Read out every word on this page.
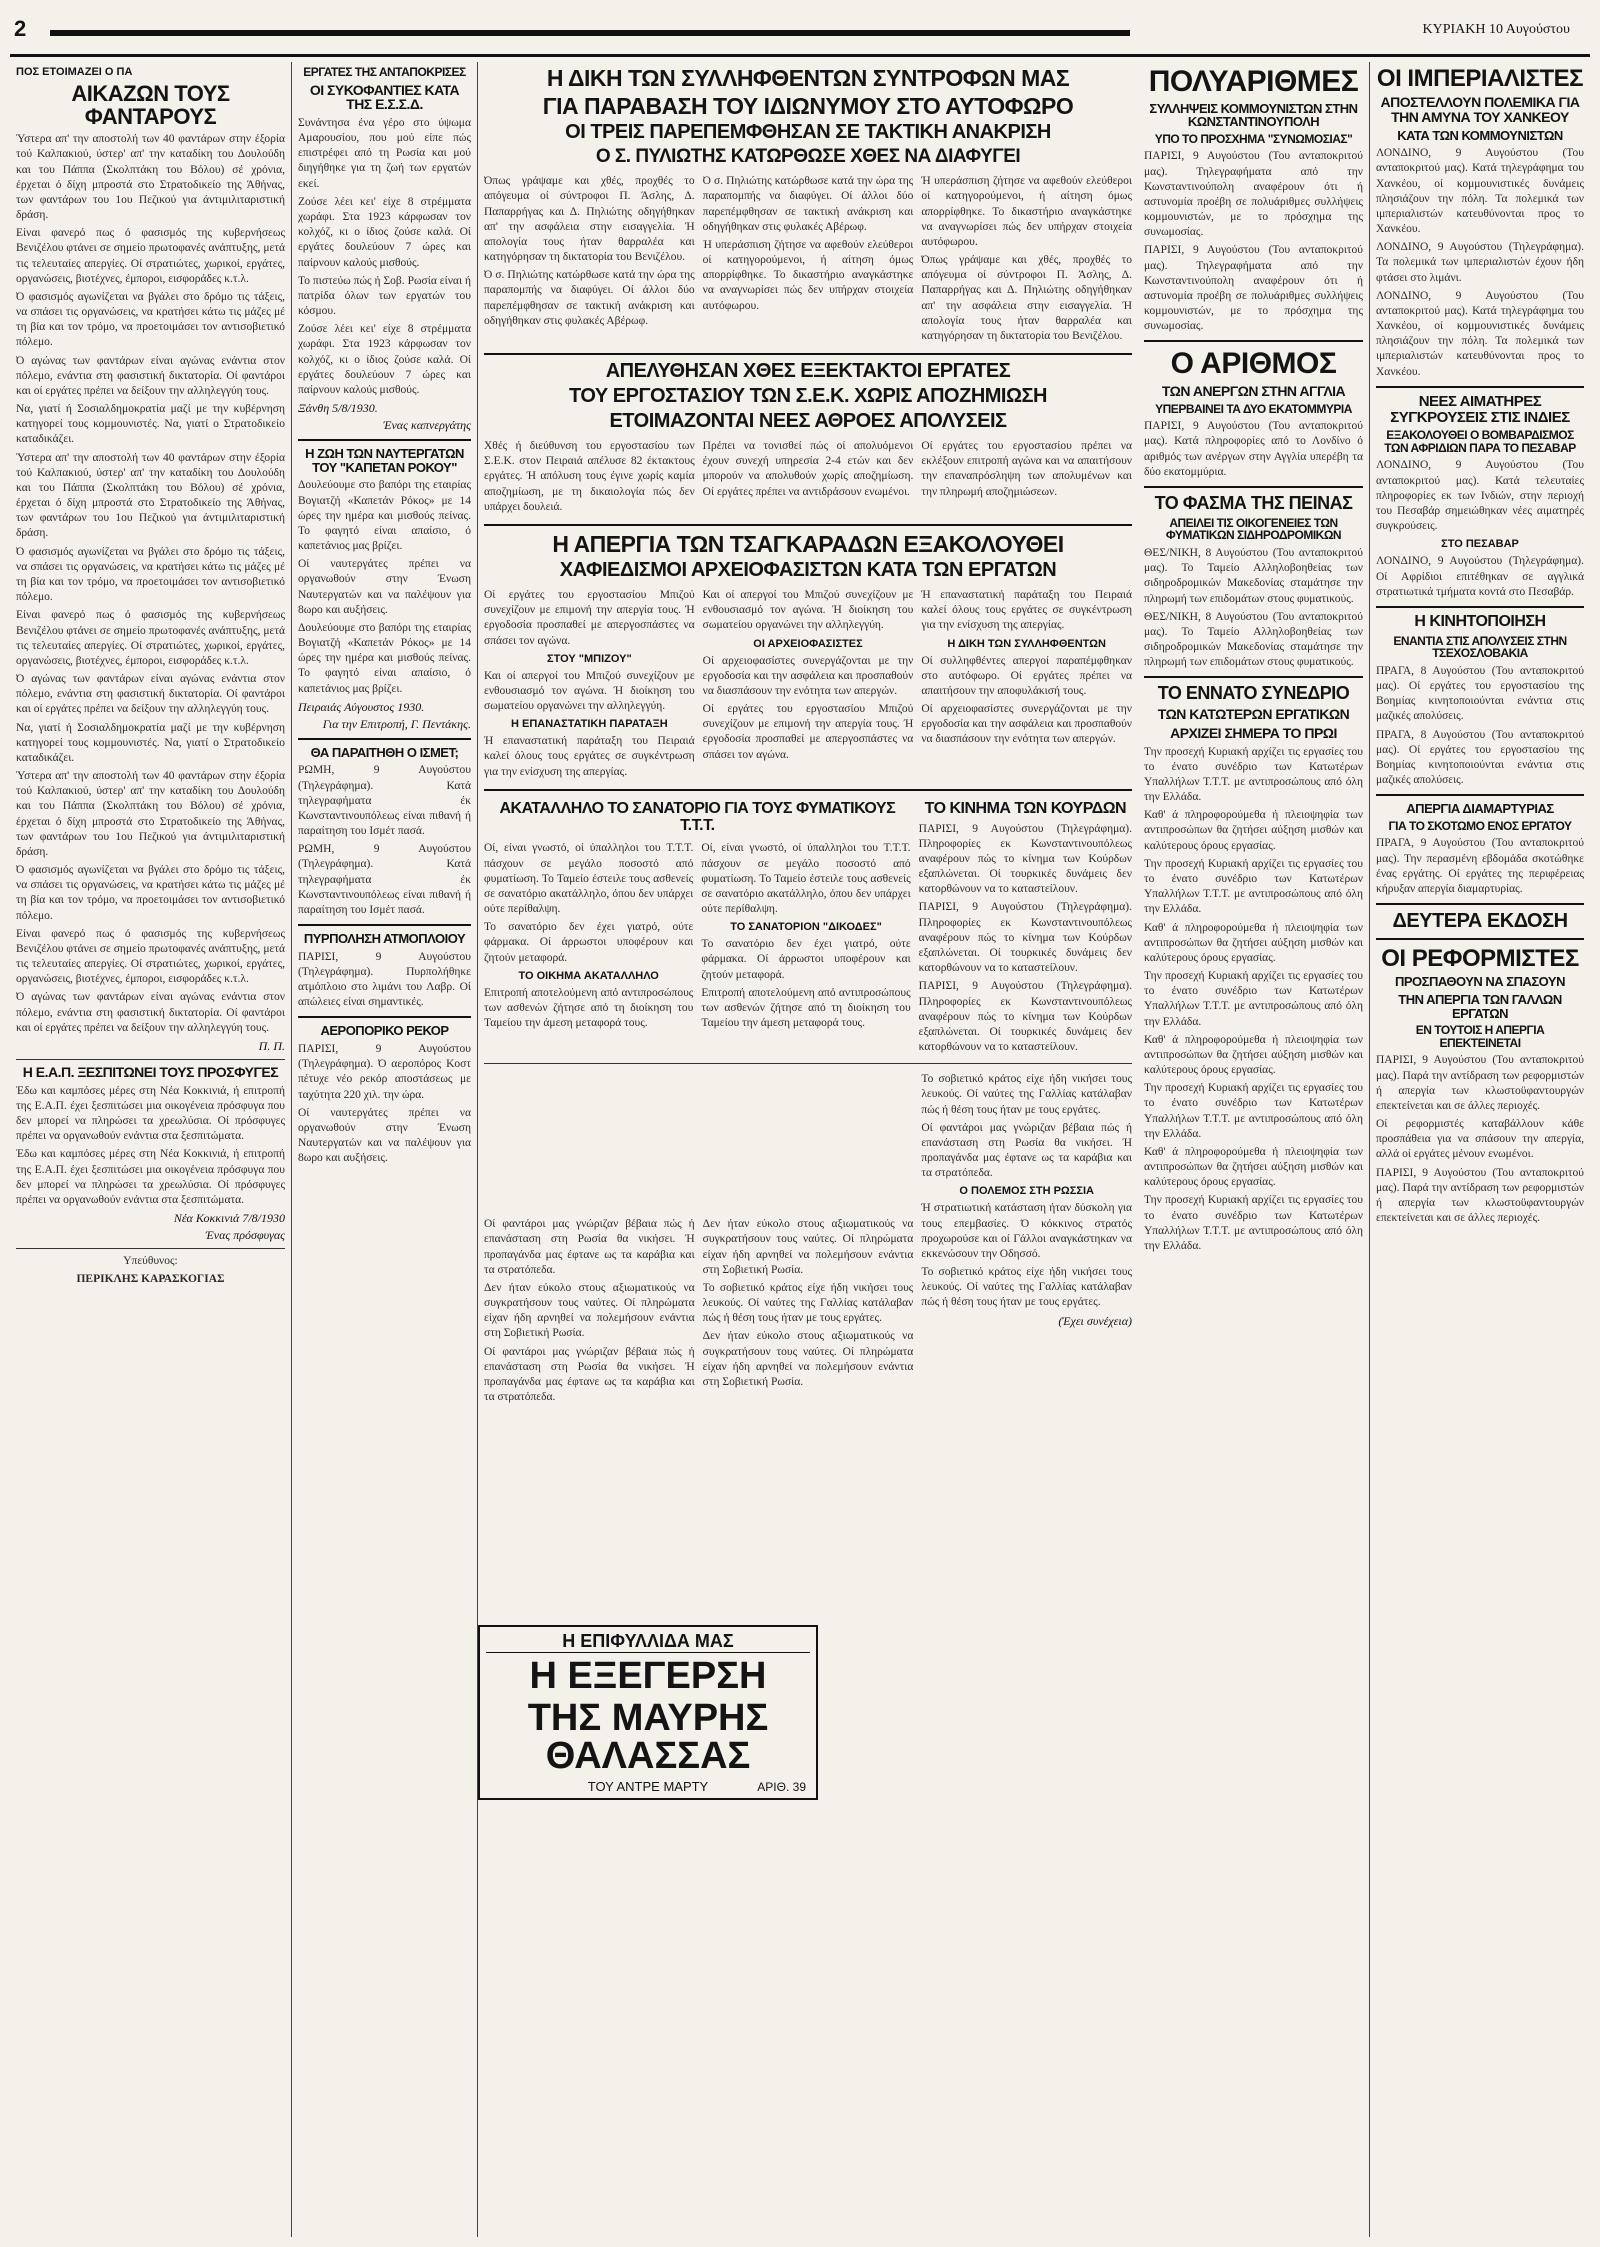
2	ΚΥΡΙΑΚΗ 10 Αυγούστου
ΠΟΣ ΕΤΟΙΜΑΖΕΙ Ο ΠΑ
ΑΙΚΑΖΩΝ ΤΟΥΣ ΦΑΝΤΑΡΟΥΣ

Ύστερα απ' την αποστολή των 40 φαντάρων στην έξορία τού Καλπακιού, ύστερ' απ' την καταδίκη του Δουλούδη και του Πάππα (Σκολπτάκη του Βόλου) σέ χρόνια, έρχεται ό δίχη μπροστά στο Στρατοδικείο της Άθήνας, των φαντάρων του 1ου Πεζικού για άντιμιλιταριστική δράση.

Είναι φανερό πως ό φασισμός της κυβερνήσεως Βενιζέλου φτάνει σε σημείο πρωτοφανές ανάπτυξης, μετά τις τελευταίες απεργίες. Οί στρατιώτες, χωρικοί, εργάτες, οργανώσεις, βιοτέχνες, έμποροι, εισφοράδες κ.τ.λ.

Ό φασισμός αγωνίζεται να βγάλει στο δρόμο τις τάξεις, να σπάσει τις οργανώσεις, να κρατήσει κάτω τις μάζες μέ τη βία και τον τρόμο, να προετοιμάσει τον αντισοβιετικό πόλεμο.

Ό αγώνας των φαντάρων είναι αγώνας ενάντια στον πόλεμο, ενάντια στη φασιστική δικτατορία. Οί φαντάροι και οί εργάτες πρέπει να δείξουν την αλληλεγγύη τους.

Να, γιατί ή Σοσιαλδημοκρατία μαζί με την κυβέρνηση κατηγορεί τους κομμουνιστές. Να, γιατί ο Στρατοδικείο καταδικάζει.

Ύστερα απ' την αποστολή των 40 φαντάρων στην έξορία τού Καλπακιού, ύστερ' απ' την καταδίκη του Δουλούδη και του Πάππα (Σκολπτάκη του Βόλου) σέ χρόνια, έρχεται ό δίχη μπροστά στο Στρατοδικείο της Άθήνας, των φαντάρων του 1ου Πεζικού για άντιμιλιταριστική δράση.

Ό φασισμός αγωνίζεται να βγάλει στο δρόμο τις τάξεις, να σπάσει τις οργανώσεις, να κρατήσει κάτω τις μάζες μέ τη βία και τον τρόμο, να προετοιμάσει τον αντισοβιετικό πόλεμο.

Είναι φανερό πως ό φασισμός της κυβερνήσεως Βενιζέλου φτάνει σε σημείο πρωτοφανές ανάπτυξης, μετά τις τελευταίες απεργίες. Οί στρατιώτες, χωρικοί, εργάτες, οργανώσεις, βιοτέχνες, έμποροι, εισφοράδες κ.τ.λ.

Ό αγώνας των φαντάρων είναι αγώνας ενάντια στον πόλεμο, ενάντια στη φασιστική δικτατορία. Οί φαντάροι και οί εργάτες πρέπει να δείξουν την αλληλεγγύη τους.

Να, γιατί ή Σοσιαλδημοκρατία μαζί με την κυβέρνηση κατηγορεί τους κομμουνιστές. Να, γιατί ο Στρατοδικείο καταδικάζει.

Ύστερα απ' την αποστολή των 40 φαντάρων στην έξορία τού Καλπακιού, ύστερ' απ' την καταδίκη του Δουλούδη και του Πάππα (Σκολπτάκη του Βόλου) σέ χρόνια, έρχεται ό δίχη μπροστά στο Στρατοδικείο της Άθήνας, των φαντάρων του 1ου Πεζικού για άντιμιλιταριστική δράση.

Ό φασισμός αγωνίζεται να βγάλει στο δρόμο τις τάξεις, να σπάσει τις οργανώσεις, να κρατήσει κάτω τις μάζες μέ τη βία και τον τρόμο, να προετοιμάσει τον αντισοβιετικό πόλεμο.

Είναι φανερό πως ό φασισμός της κυβερνήσεως Βενιζέλου φτάνει σε σημείο πρωτοφανές ανάπτυξης, μετά τις τελευταίες απεργίες. Οί στρατιώτες, χωρικοί, εργάτες, οργανώσεις, βιοτέχνες, έμποροι, εισφοράδες κ.τ.λ.

Ό αγώνας των φαντάρων είναι αγώνας ενάντια στον πόλεμο, ενάντια στη φασιστική δικτατορία. Οί φαντάροι και οί εργάτες πρέπει να δείξουν την αλληλεγγύη τους.

Π. Π.
Η Ε.Α.Π. ΞΕΣΠΙΤΩΝΕΙ ΤΟΥΣ ΠΡΟΣΦΥΓΕΣ

Έδω και καμπόσες μέρες στη Νέα Κοκκινιά, ή επιτροπή της Ε.Α.Π. έχει ξεσπιτώσει μια οικογένεια πρόσφυγα που δεν μπορεί να πληρώσει τα χρεωλύσια. Οί πρόσφυγες πρέπει να οργανωθούν ενάντια στα ξεσπιτώματα.

Έδω και καμπόσες μέρες στη Νέα Κοκκινιά, ή επιτροπή της Ε.Α.Π. έχει ξεσπιτώσει μια οικογένεια πρόσφυγα που δεν μπορεί να πληρώσει τα χρεωλύσια. Οί πρόσφυγες πρέπει να οργανωθούν ενάντια στα ξεσπιτώματα.

Νέα Κοκκινιά 7/8/1930
Ένας πρόσφυγας
Υπεύθυνος:
ΠΕΡΙΚΛΗΣ ΚΑΡΑΣΚΟΓΙΑΣ
ΕΡΓΑΤΕΣ ΤΗΣ ΑΝΤΑΠΟΚΡΙΣΕΣ
ΟΙ ΣΥΚΟΦΑΝΤΙΕΣ ΚΑΤΑ ΤΗΣ Ε.Σ.Σ.Δ.

Συνάντησα ένα γέρο στο ύψωμα Αμαρουσίου, που μού είπε πώς επιστρέφει από τη Ρωσία και μού διηγήθηκε για τη ζωή των εργατών εκεί.

Ζούσε λέει κει' είχε 8 στρέμματα χωράφι. Στα 1923 κάρφωσαν τον κολχόζ, κι ο ίδιος ζούσε καλά. Οί εργάτες δουλεύουν 7 ώρες και παίρνουν καλούς μισθούς.

Το πιστεύω πώς ή Σοβ. Ρωσία είναι ή πατρίδα όλων των εργατών του κόσμου.

Ζούσε λέει κει' είχε 8 στρέμματα χωράφι. Στα 1923 κάρφωσαν τον κολχόζ, κι ο ίδιος ζούσε καλά. Οί εργάτες δουλεύουν 7 ώρες και παίρνουν καλούς μισθούς.

Ξάνθη 5/8/1930.
Ένας καπνεργάτης
Η ΖΩΗ ΤΩΝ ΝΑΥΤΕΡΓΑΤΩΝ ΤΟΥ "ΚΑΠΕΤΑΝ ΡΟΚΟΥ"

Δουλεύουμε στο βαπόρι της εταιρίας Βογιατζή «Καπετάν Ρόκος» με 14 ώρες την ημέρα και μισθούς πείνας. Το φαγητό είναι απαίσιο, ό καπετάνιος μας βρίζει.

Οί ναυτεργάτες πρέπει να οργανωθούν στην Ένωση Ναυτεργατών και να παλέψουν για 8ωρο και αυξήσεις.

Δουλεύουμε στο βαπόρι της εταιρίας Βογιατζή «Καπετάν Ρόκος» με 14 ώρες την ημέρα και μισθούς πείνας. Το φαγητό είναι απαίσιο, ό καπετάνιος μας βρίζει.

Πειραιάς Αύγουστος 1930.
Για την Επιτροπή, Γ. Πεντάκης.
ΘΑ ΠΑΡΑΙΤΗΘΗ Ο ΙΣΜΕΤ;

ΡΩΜΗ, 9 Αυγούστου (Τηλεγράφημα). Κατά τηλεγραφήματα έκ Κωνσταντινουπόλεως είναι πιθανή ή παραίτηση του Ισμέτ πασά.

ΡΩΜΗ, 9 Αυγούστου (Τηλεγράφημα). Κατά τηλεγραφήματα έκ Κωνσταντινουπόλεως είναι πιθανή ή παραίτηση του Ισμέτ πασά.

ΠΥΡΠΟΛΗΣΗ ΑΤΜΟΠΛΟΙΟΥ

ΠΑΡΙΣΙ, 9 Αυγούστου (Τηλεγράφημα). Πυρπολήθηκε ατμόπλοιο στο λιμάνι του Λαβρ. Οί απώλειες είναι σημαντικές.

ΑΕΡΟΠΟΡΙΚΟ ΡΕΚΟΡ

ΠΑΡΙΣΙ, 9 Αυγούστου (Τηλεγράφημα). Ό αεροπόρος Κοστ πέτυχε νέο ρεκόρ αποστάσεως με ταχύτητα 220 χιλ. την ώρα.

Οί ναυτεργάτες πρέπει να οργανωθούν στην Ένωση Ναυτεργατών και να παλέψουν για 8ωρο και αυξήσεις.

Η ΔΙΚΗ ΤΩΝ ΣΥΛΛΗΦΘΕΝΤΩΝ ΣΥΝΤΡΟΦΩΝ ΜΑΣ
ΓΙΑ ΠΑΡΑΒΑΣΗ ΤΟΥ ΙΔΙΩΝΥΜΟΥ ΣΤΟ ΑΥΤΟΦΩΡΟ
ΟΙ ΤΡΕΙΣ ΠΑΡΕΠΕΜΦΘΗΣΑΝ ΣΕ ΤΑΚΤΙΚΗ ΑΝΑΚΡΙΣΗ
Ο Σ. ΠΥΛΙΩΤΗΣ ΚΑΤΩΡΘΩΣΕ ΧΘΕΣ ΝΑ ΔΙΑΦΥΓΕΙ

Όπως γράψαμε και χθές, προχθές το απόγευμα οί σύντροφοι Π. Άσλης, Δ. Παπαρρήγας και Δ. Πηλιώτης οδηγήθηκαν απ' την ασφάλεια στην εισαγγελία. Ή απολογία τους ήταν θαρραλέα και κατηγόρησαν τη δικτατορία του Βενιζέλου.

Ό σ. Πηλιώτης κατώρθωσε κατά την ώρα της παραπομπής να διαφύγει. Οί άλλοι δύο παρεπέμφθησαν σε τακτική ανάκριση και οδηγήθηκαν στις φυλακές Αβέρωφ.

Ό σ. Πηλιώτης κατώρθωσε κατά την ώρα της παραπομπής να διαφύγει. Οί άλλοι δύο παρεπέμφθησαν σε τακτική ανάκριση και οδηγήθηκαν στις φυλακές Αβέρωφ.

Ή υπεράσπιση ζήτησε να αφεθούν ελεύθεροι οί κατηγορούμενοι, ή αίτηση όμως απορρίφθηκε. Το δικαστήριο αναγκάστηκε να αναγνωρίσει πώς δεν υπήρχαν στοιχεία αυτόφωρου.

Ή υπεράσπιση ζήτησε να αφεθούν ελεύθεροι οί κατηγορούμενοι, ή αίτηση όμως απορρίφθηκε. Το δικαστήριο αναγκάστηκε να αναγνωρίσει πώς δεν υπήρχαν στοιχεία αυτόφωρου.

Όπως γράψαμε και χθές, προχθές το απόγευμα οί σύντροφοι Π. Άσλης, Δ. Παπαρρήγας και Δ. Πηλιώτης οδηγήθηκαν απ' την ασφάλεια στην εισαγγελία. Ή απολογία τους ήταν θαρραλέα και κατηγόρησαν τη δικτατορία του Βενιζέλου.

ΑΠΕΛΥΘΗΣΑΝ ΧΘΕΣ ΕΞΕΚΤΑΚΤΟΙ ΕΡΓΑΤΕΣ
ΤΟΥ ΕΡΓΟΣΤΑΣΙΟΥ ΤΩΝ Σ.Ε.Κ. ΧΩΡΙΣ ΑΠΟΖΗΜΙΩΣΗ
ΕΤΟΙΜΑΖΟΝΤΑΙ ΝΕΕΣ ΑΘΡΟΕΣ ΑΠΟΛΥΣΕΙΣ

Χθές ή διεύθυνση του εργοστασίου των Σ.Ε.Κ. στον Πειραιά απέλυσε 82 έκτακτους εργάτες. Ή απόλυση τους έγινε χωρίς καμία αποζημίωση, με τη δικαιολογία πώς δεν υπάρχει δουλειά.

Πρέπει να τονισθεί πώς οί απολυόμενοι έχουν συνεχή υπηρεσία 2-4 ετών και δεν μπορούν να απολυθούν χωρίς αποζημίωση. Οί εργάτες πρέπει να αντιδράσουν ενωμένοι.

Οί εργάτες του εργοστασίου πρέπει να εκλέξουν επιτροπή αγώνα και να απαιτήσουν την επαναπρόσληψη των απολυμένων και την πληρωμή αποζημιώσεων.

Η ΑΠΕΡΓΙΑ ΤΩΝ ΤΣΑΓΚΑΡΑΔΩΝ ΕΞΑΚΟΛΟΥΘΕΙ
ΧΑΦΙΕΔΙΣΜΟΙ ΑΡΧΕΙΟΦΑΣΙΣΤΩΝ ΚΑΤΑ ΤΩΝ ΕΡΓΑΤΩΝ

Οί εργάτες του εργοστασίου Μπιζού συνεχίζουν με επιμονή την απεργία τους. Ή εργοδοσία προσπαθεί με απεργοσπάστες να σπάσει τον αγώνα.

ΣΤΟΥ "ΜΠΙΖΟΥ"

Και οί απεργοί του Μπιζού συνεχίζουν με ενθουσιασμό τον αγώνα. Ή διοίκηση του σωματείου οργανώνει την αλληλεγγύη.

Η ΕΠΑΝΑΣΤΑΤΙΚΗ ΠΑΡΑΤΑΞΗ

Ή επαναστατική παράταξη του Πειραιά καλεί όλους τους εργάτες σε συγκέντρωση για την ενίσχυση της απεργίας.

Και οί απεργοί του Μπιζού συνεχίζουν με ενθουσιασμό τον αγώνα. Ή διοίκηση του σωματείου οργανώνει την αλληλεγγύη.

ΟΙ ΑΡΧΕΙΟΦΑΣΙΣΤΕΣ

Οί αρχειοφασίστες συνεργάζονται με την εργοδοσία και την ασφάλεια και προσπαθούν να διασπάσουν την ενότητα των απεργών.

Οί εργάτες του εργοστασίου Μπιζού συνεχίζουν με επιμονή την απεργία τους. Ή εργοδοσία προσπαθεί με απεργοσπάστες να σπάσει τον αγώνα.

Ή επαναστατική παράταξη του Πειραιά καλεί όλους τους εργάτες σε συγκέντρωση για την ενίσχυση της απεργίας.

Η ΔΙΚΗ ΤΩΝ ΣΥΛΛΗΦΘΕΝΤΩΝ

Οί συλληφθέντες απεργοί παραπέμφθηκαν στο αυτόφωρο. Οί εργάτες πρέπει να απαιτήσουν την αποφυλάκισή τους.

Οί αρχειοφασίστες συνεργάζονται με την εργοδοσία και την ασφάλεια και προσπαθούν να διασπάσουν την ενότητα των απεργών.

ΑΚΑΤΑΛΛΗΛΟ ΤΟ ΣΑΝΑΤΟΡΙΟ ΓΙΑ ΤΟΥΣ ΦΥΜΑΤΙΚΟΥΣ Τ.Τ.Τ.

Οί, είναι γνωστό, οί ύπαλληλοι του Τ.Τ.Τ. πάσχουν σε μεγάλο ποσοστό από φυματίωση. Το Ταμείο έστειλε τους ασθενείς σε σανατόριο ακατάλληλο, όπου δεν υπάρχει ούτε περίθαλψη.

Το σανατόριο δεν έχει γιατρό, ούτε φάρμακα. Οί άρρωστοι υποφέρουν και ζητούν μεταφορά.

ΤΟ ΟΙΚΗΜΑ ΑΚΑΤΑΛΛΗΛΟ

Επιτροπή αποτελούμενη από αντιπροσώπους των ασθενών ζήτησε από τη διοίκηση του Ταμείου την άμεση μεταφορά τους.

Οί, είναι γνωστό, οί ύπαλληλοι του Τ.Τ.Τ. πάσχουν σε μεγάλο ποσοστό από φυματίωση. Το Ταμείο έστειλε τους ασθενείς σε σανατόριο ακατάλληλο, όπου δεν υπάρχει ούτε περίθαλψη.

ΤΟ ΣΑΝΑΤΟΡΙΟΝ "ΔΙΚΟΔΕΣ"

Το σανατόριο δεν έχει γιατρό, ούτε φάρμακα. Οί άρρωστοι υποφέρουν και ζητούν μεταφορά.

Επιτροπή αποτελούμενη από αντιπροσώπους των ασθενών ζήτησε από τη διοίκηση του Ταμείου την άμεση μεταφορά τους.

ΤΟ ΚΙΝΗΜΑ ΤΩΝ ΚΟΥΡΔΩΝ

ΠΑΡΙΣΙ, 9 Αυγούστου (Τηλεγράφημα). Πληροφορίες εκ Κωνσταντινουπόλεως αναφέρουν πώς το κίνημα των Κούρδων εξαπλώνεται. Οί τουρκικές δυνάμεις δεν κατορθώνουν να το καταστείλουν.

ΠΑΡΙΣΙ, 9 Αυγούστου (Τηλεγράφημα). Πληροφορίες εκ Κωνσταντινουπόλεως αναφέρουν πώς το κίνημα των Κούρδων εξαπλώνεται. Οί τουρκικές δυνάμεις δεν κατορθώνουν να το καταστείλουν.

ΠΑΡΙΣΙ, 9 Αυγούστου (Τηλεγράφημα). Πληροφορίες εκ Κωνσταντινουπόλεως αναφέρουν πώς το κίνημα των Κούρδων εξαπλώνεται. Οί τουρκικές δυνάμεις δεν κατορθώνουν να το καταστείλουν.

Οί φαντάροι μας γνώριζαν βέβαια πώς ή επανάσταση στη Ρωσία θα νικήσει. Ή προπαγάνδα μας έφτανε ως τα καράβια και τα στρατόπεδα.

Δεν ήταν εύκολο στους αξιωματικούς να συγκρατήσουν τους ναύτες. Οί πληρώματα είχαν ήδη αρνηθεί να πολεμήσουν ενάντια στη Σοβιετική Ρωσία.

Οί φαντάροι μας γνώριζαν βέβαια πώς ή επανάσταση στη Ρωσία θα νικήσει. Ή προπαγάνδα μας έφτανε ως τα καράβια και τα στρατόπεδα.

Δεν ήταν εύκολο στους αξιωματικούς να συγκρατήσουν τους ναύτες. Οί πληρώματα είχαν ήδη αρνηθεί να πολεμήσουν ενάντια στη Σοβιετική Ρωσία.

Το σοβιετικό κράτος είχε ήδη νικήσει τους λευκούς. Οί ναύτες της Γαλλίας κατάλαβαν πώς ή θέση τους ήταν με τους εργάτες.

Δεν ήταν εύκολο στους αξιωματικούς να συγκρατήσουν τους ναύτες. Οί πληρώματα είχαν ήδη αρνηθεί να πολεμήσουν ενάντια στη Σοβιετική Ρωσία.

Το σοβιετικό κράτος είχε ήδη νικήσει τους λευκούς. Οί ναύτες της Γαλλίας κατάλαβαν πώς ή θέση τους ήταν με τους εργάτες.

Οί φαντάροι μας γνώριζαν βέβαια πώς ή επανάσταση στη Ρωσία θα νικήσει. Ή προπαγάνδα μας έφτανε ως τα καράβια και τα στρατόπεδα.

Ο ΠΟΛΕΜΟΣ ΣΤΗ ΡΩΣΣΙΑ

Ή στρατιωτική κατάσταση ήταν δύσκολη για τους επεμβασίες. Ό κόκκινος στρατός προχωρούσε και οί Γάλλοι αναγκάστηκαν να εκκενώσουν την Οδησσό.

Το σοβιετικό κράτος είχε ήδη νικήσει τους λευκούς. Οί ναύτες της Γαλλίας κατάλαβαν πώς ή θέση τους ήταν με τους εργάτες.

(Έχει συνέχεια)
Η ΕΠΙΦΥΛΛΙΔΑ ΜΑΣ
Η ΕΞΕΓΕΡΣΗ
ΤΗΣ ΜΑΥΡΗΣ ΘΑΛΑΣΣΑΣ
ΤΟΥ ΑΝΤΡΕ ΜΑΡΤΥ	ΑΡΙΘ. 39
ΠΟΛΥΑΡΙΘΜΕΣ
ΣΥΛΛΗΨΕΙΣ ΚΟΜΜΟΥΝΙΣΤΩΝ ΣΤΗΝ ΚΩΝΣΤΑΝΤΙΝΟΥΠΟΛΗ
ΥΠΟ ΤΟ ΠΡΟΣΧΗΜΑ "ΣΥΝΩΜΟΣΙΑΣ"

ΠΑΡΙΣΙ, 9 Αυγούστου (Του ανταποκριτού μας). Τηλεγραφήματα από την Κωνσταντινούπολη αναφέρουν ότι ή αστυνομία προέβη σε πολυάριθμες συλλήψεις κομμουνιστών, με το πρόσχημα της συνωμοσίας.

ΠΑΡΙΣΙ, 9 Αυγούστου (Του ανταποκριτού μας). Τηλεγραφήματα από την Κωνσταντινούπολη αναφέρουν ότι ή αστυνομία προέβη σε πολυάριθμες συλλήψεις κομμουνιστών, με το πρόσχημα της συνωμοσίας.

Ο ΑΡΙΘΜΟΣ
ΤΩΝ ΑΝΕΡΓΩΝ ΣΤΗΝ ΑΓΓΛΙΑ
ΥΠΕΡΒΑΙΝΕΙ ΤΑ ΔΥΟ ΕΚΑΤΟΜΜΥΡΙΑ

ΠΑΡΙΣΙ, 9 Αυγούστου (Του ανταποκριτού μας). Κατά πληροφορίες από το Λονδίνο ό αριθμός των ανέργων στην Αγγλία υπερέβη τα δύο εκατομμύρια.

ΤΟ ΦΑΣΜΑ ΤΗΣ ΠΕΙΝΑΣ
ΑΠΕΙΛΕΙ ΤΙΣ ΟΙΚΟΓΕΝΕΙΕΣ ΤΩΝ ΦΥΜΑΤΙΚΩΝ ΣΙΔΗΡΟΔΡΟΜΙΚΩΝ

ΘΕΣ/ΝΙΚΗ, 8 Αυγούστου (Του ανταποκριτού μας). Το Ταμείο Αλληλοβοηθείας των σιδηροδρομικών Μακεδονίας σταμάτησε την πληρωμή των επιδομάτων στους φυματικούς.

ΘΕΣ/ΝΙΚΗ, 8 Αυγούστου (Του ανταποκριτού μας). Το Ταμείο Αλληλοβοηθείας των σιδηροδρομικών Μακεδονίας σταμάτησε την πληρωμή των επιδομάτων στους φυματικούς.

ΤΟ ΕΝΝΑΤΟ ΣΥΝΕΔΡΙΟ
ΤΩΝ ΚΑΤΩΤΕΡΩΝ ΕΡΓΑΤΙΚΩΝ
ΑΡΧΙΖΕΙ ΣΗΜΕΡΑ ΤΟ ΠΡΩΙ

Την προσεχή Κυριακή αρχίζει τις εργασίες του το ένατο συνέδριο των Κατωτέρων Υπαλλήλων Τ.Τ.Τ. με αντιπροσώπους από όλη την Ελλάδα.

Καθ' ά πληροφορούμεθα ή πλειοψηφία των αντιπροσώπων θα ζητήσει αύξηση μισθών και καλύτερους όρους εργασίας.

Την προσεχή Κυριακή αρχίζει τις εργασίες του το ένατο συνέδριο των Κατωτέρων Υπαλλήλων Τ.Τ.Τ. με αντιπροσώπους από όλη την Ελλάδα.

Καθ' ά πληροφορούμεθα ή πλειοψηφία των αντιπροσώπων θα ζητήσει αύξηση μισθών και καλύτερους όρους εργασίας.

Την προσεχή Κυριακή αρχίζει τις εργασίες του το ένατο συνέδριο των Κατωτέρων Υπαλλήλων Τ.Τ.Τ. με αντιπροσώπους από όλη την Ελλάδα.

Καθ' ά πληροφορούμεθα ή πλειοψηφία των αντιπροσώπων θα ζητήσει αύξηση μισθών και καλύτερους όρους εργασίας.

Την προσεχή Κυριακή αρχίζει τις εργασίες του το ένατο συνέδριο των Κατωτέρων Υπαλλήλων Τ.Τ.Τ. με αντιπροσώπους από όλη την Ελλάδα.

Καθ' ά πληροφορούμεθα ή πλειοψηφία των αντιπροσώπων θα ζητήσει αύξηση μισθών και καλύτερους όρους εργασίας.

Την προσεχή Κυριακή αρχίζει τις εργασίες του το ένατο συνέδριο των Κατωτέρων Υπαλλήλων Τ.Τ.Τ. με αντιπροσώπους από όλη την Ελλάδα.

ΟΙ ΙΜΠΕΡΙΑΛΙΣΤΕΣ
ΑΠΟΣΤΕΛΛΟΥΝ ΠΟΛΕΜΙΚΑ ΓΙΑ ΤΗΝ ΑΜΥΝΑ ΤΟΥ ΧΑΝΚΕΟΥ
ΚΑΤΑ ΤΩΝ ΚΟΜΜΟΥΝΙΣΤΩΝ

ΛΟΝΔΙΝΟ, 9 Αυγούστου (Του ανταποκριτού μας). Κατά τηλεγράφημα του Χανκέου, οί κομμουνιστικές δυνάμεις πλησιάζουν την πόλη. Τα πολεμικά των ιμπεριαλιστών κατευθύνονται προς το Χανκέου.

ΛΟΝΔΙΝΟ, 9 Αυγούστου (Τηλεγράφημα). Τα πολεμικά των ιμπεριαλιστών έχουν ήδη φτάσει στο λιμάνι.

ΛΟΝΔΙΝΟ, 9 Αυγούστου (Του ανταποκριτού μας). Κατά τηλεγράφημα του Χανκέου, οί κομμουνιστικές δυνάμεις πλησιάζουν την πόλη. Τα πολεμικά των ιμπεριαλιστών κατευθύνονται προς το Χανκέου.

ΝΕΕΣ ΑΙΜΑΤΗΡΕΣ ΣΥΓΚΡΟΥΣΕΙΣ ΣΤΙΣ ΙΝΔΙΕΣ
ΕΞΑΚΟΛΟΥΘΕΙ Ο ΒΟΜΒΑΡΔΙΣΜΟΣ ΤΩΝ ΑΦΡΙΔΙΩΝ ΠΑΡΑ ΤΟ ΠΕΣΑΒΑΡ

ΛΟΝΔΙΝΟ, 9 Αυγούστου (Του ανταποκριτού μας). Κατά τελευταίες πληροφορίες εκ των Ινδιών, στην περιοχή του Πεσαβάρ σημειώθηκαν νέες αιματηρές συγκρούσεις.

ΣΤΟ ΠΕΣΑΒΑΡ

ΛΟΝΔΙΝΟ, 9 Αυγούστου (Τηλεγράφημα). Οί Αφρίδιοι επιτέθηκαν σε αγγλικά στρατιωτικά τμήματα κοντά στο Πεσαβάρ.

Η ΚΙΝΗΤΟΠΟΙΗΣΗ
ΕΝΑΝΤΙΑ ΣΤΙΣ ΑΠΟΛΥΣΕΙΣ ΣΤΗΝ ΤΣΕΧΟΣΛΟΒΑΚΙΑ

ΠΡΑΓΑ, 8 Αυγούστου (Του ανταποκριτού μας). Οί εργάτες του εργοστασίου της Βοημίας κινητοποιούνται ενάντια στις μαζικές απολύσεις.

ΠΡΑΓΑ, 8 Αυγούστου (Του ανταποκριτού μας). Οί εργάτες του εργοστασίου της Βοημίας κινητοποιούνται ενάντια στις μαζικές απολύσεις.

ΑΠΕΡΓΙΑ ΔΙΑΜΑΡΤΥΡΙΑΣ
ΓΙΑ ΤΟ ΣΚΟΤΩΜΟ ΕΝΟΣ ΕΡΓΑΤΟΥ

ΠΡΑΓΑ, 9 Αυγούστου (Του ανταποκριτού μας). Την περασμένη εβδομάδα σκοτώθηκε ένας εργάτης. Οί εργάτες της περιφέρειας κήρυξαν απεργία διαμαρτυρίας.

ΔΕΥΤΕΡΑ ΕΚΔΟΣΗ
ΟΙ ΡΕΦΟΡΜΙΣΤΕΣ
ΠΡΟΣΠΑΘΟΥΝ ΝΑ ΣΠΑΣΟΥΝ
ΤΗΝ ΑΠΕΡΓΙΑ ΤΩΝ ΓΑΛΛΩΝ ΕΡΓΑΤΩΝ
ΕΝ ΤΟΥΤΟΙΣ Η ΑΠΕΡΓΙΑ ΕΠΕΚΤΕΙΝΕΤΑΙ

ΠΑΡΙΣΙ, 9 Αυγούστου (Του ανταποκριτού μας). Παρά την αντίδραση των ρεφορμιστών ή απεργία των κλωστοϋφαντουργών επεκτείνεται και σε άλλες περιοχές.

Οί ρεφορμιστές καταβάλλουν κάθε προσπάθεια για να σπάσουν την απεργία, αλλά οί εργάτες μένουν ενωμένοι.

ΠΑΡΙΣΙ, 9 Αυγούστου (Του ανταποκριτού μας). Παρά την αντίδραση των ρεφορμιστών ή απεργία των κλωστοϋφαντουργών επεκτείνεται και σε άλλες περιοχές.
